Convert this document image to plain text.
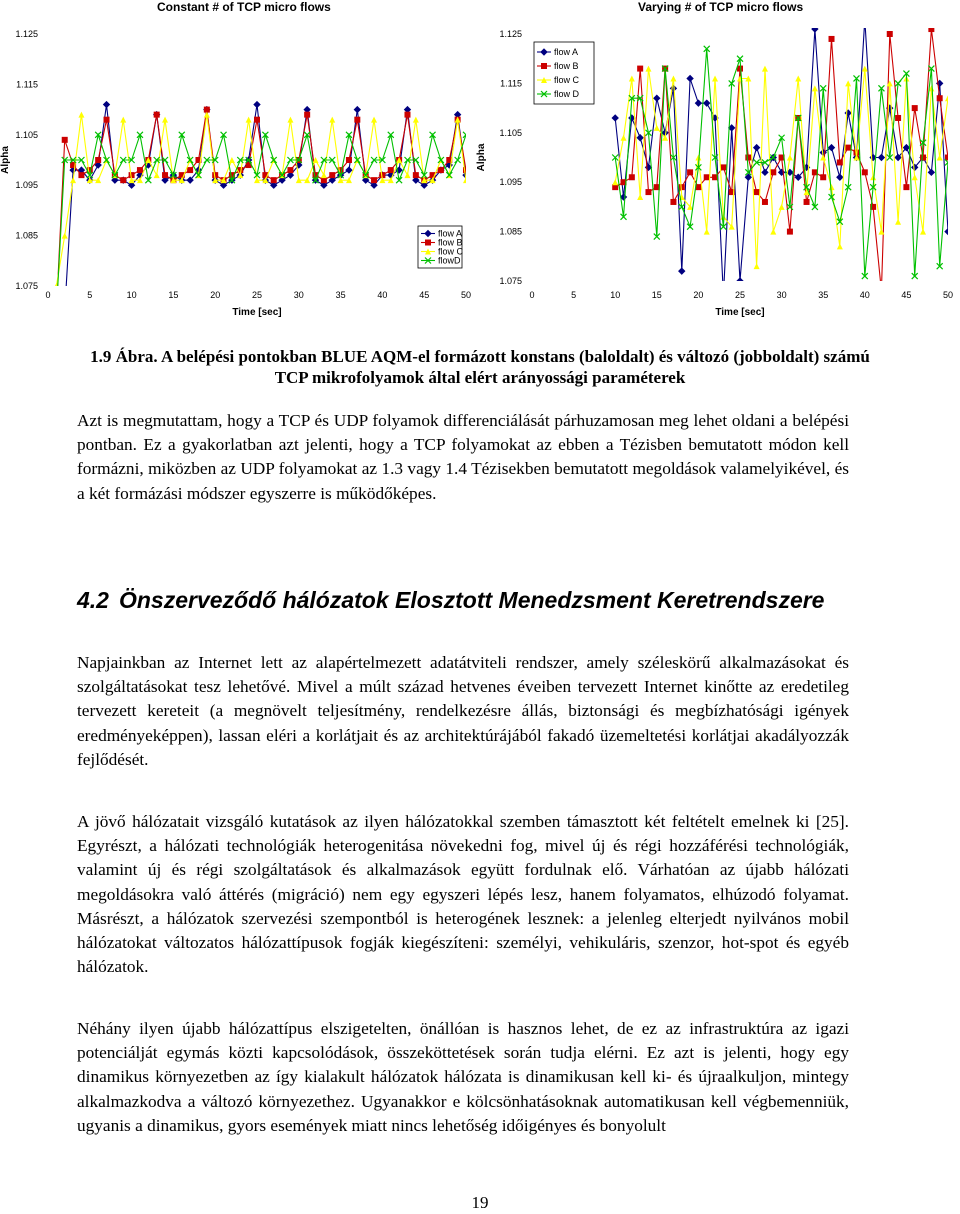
Constant # of TCP micro flows
1.125
1.115
1.105
1.095
1.085
1.075
0	5	10	15	20	25	30	35	40	45	50
Alpha
Time [sec]
flow A
flow B
flow C
flowD
Varying # of TCP micro flows
1.125
1.115
1.105
1.095
1.085
1.075
0	5	10	15	20	25	30	35	40	45	50
Alpha
Time [sec]
flow A
flow B
flow C
flow D
1.9 Ábra. A belépési pontokban BLUE AQM-el formázott konstans (baloldalt) és változó (jobboldalt) számú TCP mikrofolyamok által elért arányossági paraméterek

Azt is megmutattam, hogy a TCP és UDP folyamok differenciálását párhuzamosan meg lehet oldani a belépési pontban. Ez a gyakorlatban azt jelenti, hogy a TCP folyamokat az ebben a Tézisben bemutatott módon kell formázni, miközben az UDP folyamokat az 1.3 vagy 1.4 Tézisekben bemutatott megoldások valamelyikével, és a két formázási módszer egyszerre is működőképes.

4.2 Önszerveződő hálózatok Elosztott Menedzsment Keretrendszere

Napjainkban az Internet lett az alapértelmezett adatátviteli rendszer, amely széleskörű alkalmazásokat és szolgáltatásokat tesz lehetővé. Mivel a múlt század hetvenes éveiben tervezett Internet kinőtte az eredetileg tervezett kereteit (a megnövelt teljesítmény, rendelkezésre állás, biztonsági és megbízhatósági igények eredményeképpen), lassan eléri a korlátjait és az architektúrájából fakadó üzemeltetési korlátjai akadályozzák fejlődését.

A jövő hálózatait vizsgáló kutatások az ilyen hálózatokkal szemben támasztott két feltételt emelnek ki [25]. Egyrészt, a hálózati technológiák heterogenitása növekedni fog, mivel új és régi hozzáférési technológiák, valamint új és régi szolgáltatások és alkalmazások együtt fordulnak elő. Várhatóan az újabb hálózati megoldásokra való áttérés (migráció) nem egy egyszeri lépés lesz, hanem folyamatos, elhúzodó folyamat. Másrészt, a hálózatok szervezési szempontból is heterogének lesznek: a jelenleg elterjedt nyilvános mobil hálózatokat változatos hálózattípusok fogják kiegészíteni: személyi, vehikuláris, szenzor, hot-spot és egyéb hálózatok.

Néhány ilyen újabb hálózattípus elszigetelten, önállóan is hasznos lehet, de ez az infrastruktúra az igazi potenciálját egymás közti kapcsolódások, összeköttetések során tudja elérni. Ez azt is jelenti, hogy egy dinamikus környezetben az így kialakult hálózatok hálózata is dinamikusan kell ki- és újraalkuljon, mintegy alkalmazkodva a változó környezethez. Ugyanakkor e kölcsönhatásoknak automatikusan kell végbemenniük, ugyanis a dinamikus, gyors események miatt nincs lehetőség időigényes és bonyolult

19
